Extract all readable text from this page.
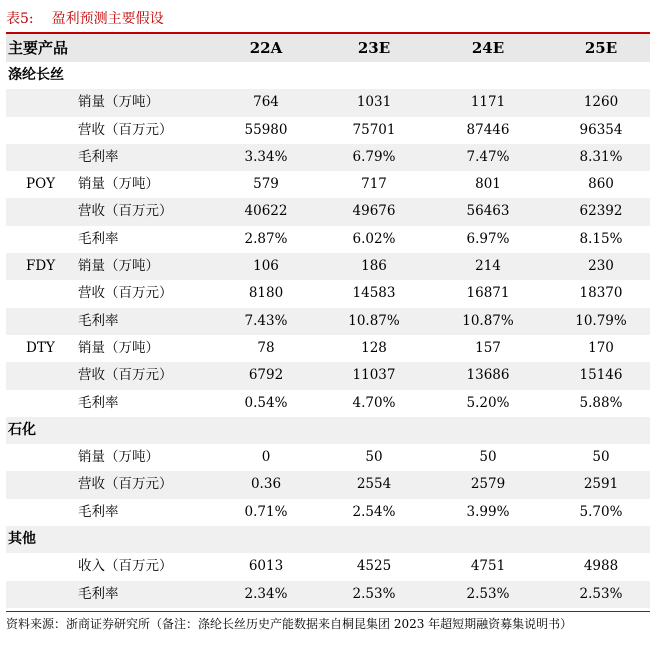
表5: 盈利预测主要假设
主要产品	22A	23E	24E	25E
涤纶长丝
销量（万吨）	764	1031	1171	1260
营收（百万元）	55980	75701	87446	96354
毛利率	3.34%	6.79%	7.47%	8.31%
POY	销量（万吨）	579	717	801	860
营收（百万元）	40622	49676	56463	62392
毛利率	2.87%	6.02%	6.97%	8.15%
FDY	销量（万吨）	106	186	214	230
营收（百万元）	8180	14583	16871	18370
毛利率	7.43%	10.87%	10.87%	10.79%
DTY	销量（万吨）	78	128	157	170
营收（百万元）	6792	11037	13686	15146
毛利率	0.54%	4.70%	5.20%	5.88%
石化
销量（万吨）	0	50	50	50
营收（百万元）	0.36	2554	2579	2591
毛利率	0.71%	2.54%	3.99%	5.70%
其他
收入（百万元）	6013	4525	4751	4988
毛利率	2.34%	2.53%	2.53%	2.53%
资料来源：浙商证券研究所（备注：涤纶长丝历史产能数据来自桐昆集团 2023 年超短期融资募集说明书）
